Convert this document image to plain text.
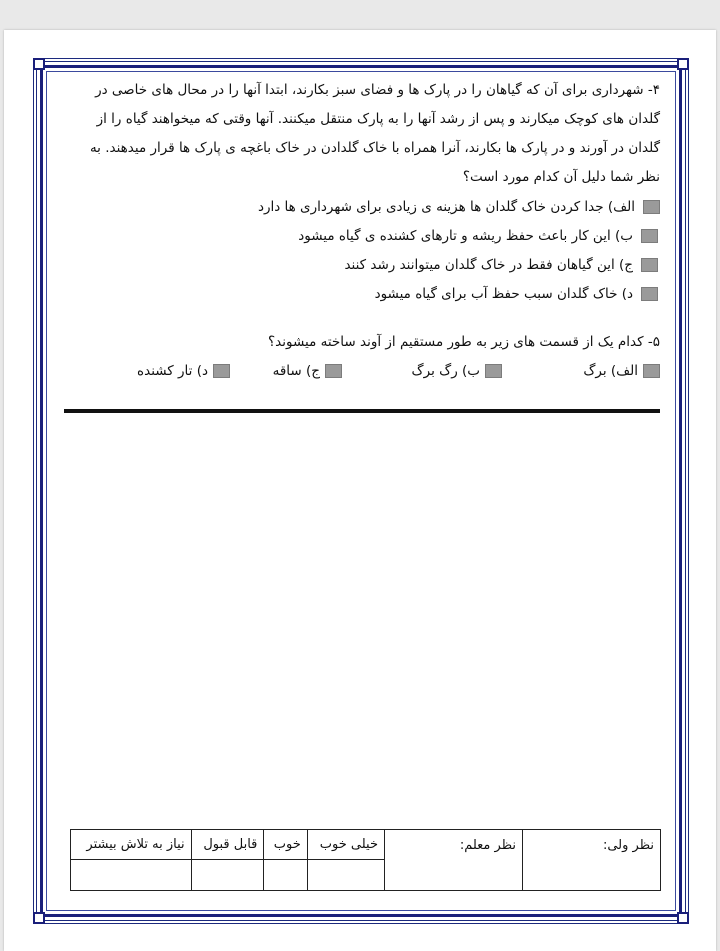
۴- شهرداری برای آن که گیاهان را در پارک ها و فضای سبز بکارند، ابتدا آنها را در محال های خاصی در گلدان های کوچک میکارند و پس از رشد آنها را به پارک منتقل میکنند. آنها وقتی که میخواهند گیاه را از گلدان در آورند و در پارک ها بکارند، آنرا همراه با خاک گلدادن در خاک باغچه ی پارک ها قرار میدهند. به نظر شما دلیل آن کدام مورد است؟
الف) جدا کردن خاک گلدان ها هزینه ی زیادی برای شهرداری ها دارد
ب) این کار باعث حفظ ریشه و تارهای کشنده ی گیاه میشود
ج) این گیاهان فقط در خاک گلدان میتوانند رشد کنند
د) خاک گلدان سبب حفظ آب برای گیاه میشود
۵- کدام یک از قسمت های زیر به طور مستقیم از آوند ساخته میشوند؟
الف) برگ
ب) رگ برگ
ج) ساقه
د) تار کشنده
نظر ولی:	نظر معلم:	خیلی خوب	خوب	قابل قبول	نیاز به تلاش بیشتر
